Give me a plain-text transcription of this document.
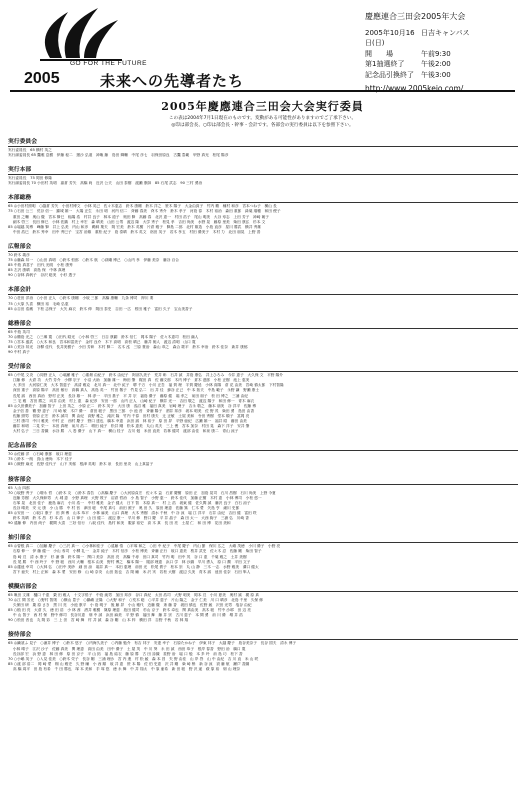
GO FOR THE FUTURE
2005	未来への先導者たち
慶應連合三田会2005年大会
2005年10月16日(日)
日吉キャンパス
開　　場	午前9:30
第1抽選終了	午後2:00
記念品引換終了	午後3:00
http://www.2005keio.com/
2005年慶應連合三田会大会実行委員
この表は2004年7月1日現在のものです。変動がある可能性がありますのでご了承下さい。
◎印は部会長、○印は部会長・幹事・会計です。各部会の実行委員は以下を参照下さい。
実行委員会
実行委員長　65 横村 英之
実行副委員長 65 鷹雅 息樹　伊藤 稔二　猪沙 弘道　神亀 藤　島田 卿輔　中尾 彦七　羽保田原良　古鷹 豊範　甲野 真光　松尾 陽彦
実行本部
実行委員長　75 岡田 修隆
実行副委員長 70 小田村 英明　嘉倉 芳矢　高橋 尚　近沢 公夫　山田 泰樹　渡瀬 康帥　85 石尾 武志　90 三村 勇治
本部総務
65 ◎小田村照明　○越倉 芳矢　小田村博文　小林 英己　佐々木恵志　鈴木 康剛　鈴木 洋之　笹木 陽子　大金由貢子　竹内 鶴　種村 和彦　宮本つね子　横山 長
75 ○石田 公三　荒谷 信一　錦城 雄一　大場 正生　永田 明　河内 信二　斉藤 春美　斉木 秀介　鈴木 孝子　河島 春　木村 裕治　森田 重郎　緑葉 瑞穂　和田 俊子
　 重田 之輔　奥山 徹　宮本 賢巳　稲場 浩　村井 良子　林本 道子　奥田 賢　高藤 春　北沢 恵一　村田 浩子　尾山 明美　大谷 寿志　上田 芳子　神崎 朝子
　 細木 啓三　長田 修巳　小林 佐織　村上 幸宏　森 晴美　山田 公男　渡辺 隆　大学 秀子　松見 孝　吉田 尚美　水野 晃　藤原 里美　柴田 康弘　杉本 文
85 ◎堀越 英博　峰藤 賢　井上 弘美　内山 和彦　鵜飼 菓夫　岡 宏美　鈴木 英樹　片倉 雅子　賢島 二郎　北村 雄造　小島 直彦　星川 勝武　横井 秀雄
　 中田 浩巳　鈴木 秀幸　田中 秀巳子　宝宮 治雄　重松 紀子　島 泰晴　鈴木 英文　宿田 英子　若木 孝五　村田 優美子　木村 力　北田 朋晃　上野 善
広報部会
70 鈴木 義彦
75 ◎藤森 邦一　○山田 真明　○鈴木 恒郎　○鈴木 航　○荻曦 博己　○山内 孝　伊藤 美奈　藤谷 百合
85 中島 真喜子　田代 光明　小松 康秀
85 左沢 康晴　高島 保　中林 真理
90 ○谷林 真帆子　谷沢 聡美　小杉 透子
本部会計
70 ○荘田 洋治　○小田 正人　○鈴木 康剛　小坂 三郎　高橋 康輔　九条 博司　押川 要
75 ○大原 久喜　横田 裕　毛崎 弘恵
85 ◎吉田 浩蔵　下松 志保子　大矢 麻衣　鈴木 伸　岡田 泰史　吉田 一広　桜田 雅子　富田 久子　宝山美香子
総務部会
65 中島 英司
70 ◎鶴島 光之　○三郷 寛　○田代 昭光　○小林 啓三　日吉 康嗣　鈴木 信仁　岡本 陽子　佐々木恵司　松田 満人
75 ○宮本 盛武　○大木 和良　宮本和富美子　金村 良介　木下 高明　高松 晴己　藤井 朗人　渡辺 清明　山口 寛
85 ○荒谷 邦光　谷柳 佳代　長井美樹子　小田 芳彰　木村 賢二　名木 泓　三原 貴治　森山 恭之　森合 歌平　鈴木 幸治　鈴木 佳奈　新井 康郁
90 中村 真子
受付部会
65 ○中尾 文央　○同野 正人　○竜瀬 雅子　○重畑 由紀子　鈴木 由紀子　阿部久美子　荒井 彰　石井 誠　井島 康弘　井上ひろみ　今井 恵子　大久保 文　平野 陽介
　 江藤 修　大倉 功　大竹 芳介　小柳 宗子　小沼 大助　加藤 雄一　梅田 肇　梶田 真　佐 藤文郎　木内 博子　倉木 達郎　小松 正樹　池上 恵美
　 大 多田　大河原仁美　大木 智恵子　高清 雅克　北川 真一　北中 紘子　堺 千万　小川 正吾　福 賀 理　宇賀 慶延　小林 高陽　倉 花 由美　宮崎 慎太郎　下村智隆
　 深田 重子　高原 陽平　高田 敏行　高橋 真人　高島 英一　竹田 敬子　竹見 弘二　出 井 佳　蜂谷 正己　中 本 拓夫　中島 範子　永野 謙　野瀬 康士
　 長尾 誠　西田 真治　野村 正美　長谷 雄一　林 淳一　平田 基子　平 井 宗　福島 優子　藤原 健　堀 孝之　前田 朋子　松 田 博之　三浦 由紀
　 三 宅 雅　宮田 勝之　向井 由美　村上 恵　森 紀彦　安田 一郎　山内 正人　山崎 紀子　横井 光一　吉田 敬之　渡辺 陽子　和田 修一　青木 麻衣
85 ◎久世優美子　加藤 智子　上田 英之　小原 正二　鈴木 英子　大田 康　浅沼 雅　福田 真美　岩崎 理子　吉永 敬之　藤本 朋美　谷 洋平　佐藤 博
　 金子信 善　鶴 野 恵子　川 崎 敏　木戸 優一　倉田 聡子　黒田 三郎　小 池 晋　斉藤 陽子　酒井 邦彦　坂本 明美　佐 野 茂　柴田 勇　島田 由香
　 佐藤 照男　菅原 正宏　鈴木 誠司　関 由紀　高野 雅之　滝沢 隆　竹内 千春　田村 康夫　辻 正敏　土屋 美和　寺田 秀樹　堂本 順子　富岡 亮
　 三村 康司　中川 雅美　中村 正　西村 慶子　野口 達也　橋本 幸恵　浜田 誠　林 裕子　原 田 昇　平野 亜紀　広瀬 雄一　福井 昭　藤田 由美
　 藤井 和明　二見 栄一　本田 真理　前川 浩二　増田 純子　松井 剛　松本 恵美　丸山 英夫　三上 俊　宮本 加奈　村田 晃　森下 洋子　安井 肇
　 大村 弘子　三日 香織　水谷 勝　八 巻 優子　山下 真一　横山 桂子　吉川 勉　米田 直美　若林 健司　渡部 由佳　和泉 康二　青山 涼子
記念品部会
70 ◎佐藤 洋　○石崎 康郎　坂口 理恵
75 ○鈴木 一朗　鳥山 徳尚　木下 佳子
85 ○飯野 麻光　佐野 佳代子　山下 実郁　根津 英明　鈴木 泉　長田 里央　山上真冨子
接客部会
65 入山 四郎
70 ○坂野 秀子　○増永 哲　○鈴木 友　○鈴木 春吾　○高橋 慶子　○大河原貞宏　佐々木 益　石倉 慶樹　原田 正　加島 晃司　石川 昌樹　石川 尚美　上野 今夏
　 近藤 芳樹　大久保彰男　大 城 恵　小野 真理　大野 敦子　沼倉 哲治　小 島 智子　小野 恵一　鈴木 佳代　加藤 正樹　木村 恵　小林 博司　小松 悠一
　 石塚 晃　北田 佳子　鹿島 麻衣　小川 浩一　中村 雅美　金子 健太　日下 智　木原 真一　村 上 浩　坂東 健　佐久間 誠　藤沢 良子　白石 涼子
　 長谷 晴美　安 元 康　小 山 勝　中 村 晋　津田 聡　中尾 真弓　前田 照子　奥 田 久　原田 理恵　佐藤 篤　仁木 愛　矢島 亨　細川 史郎
85 ◎安田 一　○坂口 康子　田 渕 博　山本 恭平　小林 麻美　山口 真理　大木 秀樹　清水 千秋　中 谷 涼　堀 江 洋平　石井 由紀　吉田 健　富田 咲
　 鈴木 英晴　鈴 木 昌　杉 本 浩　山 口 律子　山 田 健二　渡辺 康一　早川 修　野口 慶　平 井 晶子　森 田 太一　大西 絢子　三浦 弘　川崎 香
90 遠藤 伸　内田 尚子　梶間 大喜　三好 信行　八坂 佳代　島村 和美　服部 裕史　高 木 真　長 田 亮　土屋 仁　和 田 博　花田 美和
抽引部会
65 ◎曾根 真二　○加藤 慶子　○三沢 真一　○小林和佳子　○遠藤 悟　○平塚 和之　○田 中 紀子　中尾 慶子　内山 節　保川 広之　大嶋 茂徳　小川 優子　小野 亮
　 石原 伸一　伊 藤 健一　小山 寿司　小柳 礼一　金井 純子　木村 信彦　小松 博美　斉藤 正行　坂口 恵美　桜井 武史　佐々木 忍　佐藤 剛　柴田 智子
　 島 崎 亘　清 水 康子　杉 浦 慎　鈴木 陽一　関口 美奈　高田 亮　高橋 千尋　田口 真司　竹内 明　田中 茂　谷 口 恵　千葉 雅之　土井 美樹
　 長 尾 勝　中 西 玲子　中 野 聡　西川 大輔　根本 由美　野村 博之　橋本 陽一　服部 理恵　浜口 学　林 沙織　早川 勇人　原 口 潤　平田 文子
85 ◎蓮池 幸司　○大林 弘　○田中 美砂　細 田 涼　堀井 真一　本田 恵理　前田 光　松尾 貴子　松本 崇　丸 山 静　三木 一志　水野 雅美　溝口 健太
　 宮下 亜矢　村上 正和　森 本 愛　安田 修　山 崎 奈央　山田 拓也　吉 岡 瞳　米 沢 実　若松 大樹　渡辺 久美　青木 誠　池田 佳奈　石田 隼人
模擬店部会
65 亀田 文雄　樋口 千恵　栗 田 雅人　十文字悟子　中島 純男　加田 邦彦　谷口 真紀　太田 浩司　大野 明美　岡本 亘　小川 夏美　奥村 誠　梶 原 真
70 ◎江 間 芳光　○野村 智則　○横山 豊子　○鍋嶋 正隆　○大野 和子　○荒木 聡　○平井 恵子　片山 隆之　金子 仁美　川 口 晴彦　北島 千里　久保 修
　 久保田 研　栗 原 さき　黒 川 亮　小池 康平　小 島 明子　後 藤 昇　小山 雅代　近藤 徹　斎 藤 香　坂田 慎也　佐野 綾　沢田 光男　塩谷 由紀
85 ○植 田 亮　大倉 久　徳 田 浩　小 林 茜　酒井 雅樹　篠原 理恵　島田 健司　杉山 京子　鈴木 卓也　関 真由美　高木 聡　竹中 沙耶　田 辺 亮
　 中 山 智子　西 村 保　野中 修司　長谷川恵　畑 中 誠　浜田 麻美　平 野 慎　福田 舞　藤 井 崇　古川 恵子　本 間 勇　前 川 優　増 井 浩
90 ○松田 晋也　丸 岡 彩　三 上 崇　宮 崎 舞　村 井 誠　森 谷 剛　山 本 梓　横田 洋　吉野 千秋　若 林 翔
接待部会
65 ◎鏑須ふ 見子　○浦井 博子　○鈴木 悠子　○内海久美子　○内藤 勉介　有吉 邦子　安達 幸子　石原たかね子　伊東 邦子　大越 慶子　島谷美奈子　長谷 国夫　清永 博子
　 小林 晴子　江沢 沙子　佐藤 真美　関 理恵　高田 由美　田中 優子　土 屋 茂　中 川 葵　永 田 誠　西田 恭子　根岸 春香　野田 治　橋口 寛
　 長谷部 宏　浜 野 恵　林 田 修　原 田 京子　平 山 拓　福 島 結衣　藤 原 勝　古 田 詩織　星野 治　堀 口 勉　本 多 玲　前 島 巧　松下 香
70 ○小嶋 英子　○入見 佳美　○鈴木 栄子　長谷 剛　三浦 理沙　宮 内 進　村 松 綾　森 本 昌　矢 野 由佳　山 岸 啓　山 中 由紀　吉 川 直　米 山 咲
85 ○渡 部 浩二　岡 崎 愛　桐 山 雅史　久 野 瞳　小 西 順　坂 井 恵　笹 本 陽　佐 伯 史恵　沢 井 剛　柴 崎 梢　新 谷 涼　須 藤 航　瀬戸 香織
　 高 橋 周平　田 島 有希　千 田 勝也　塚 本 美和　手 塚 悠　徳 永 舞　中 井 翔太　中 原 亜希　新 田 聡　野 沢 遥　萩 原 裕　畑 山 理奈
